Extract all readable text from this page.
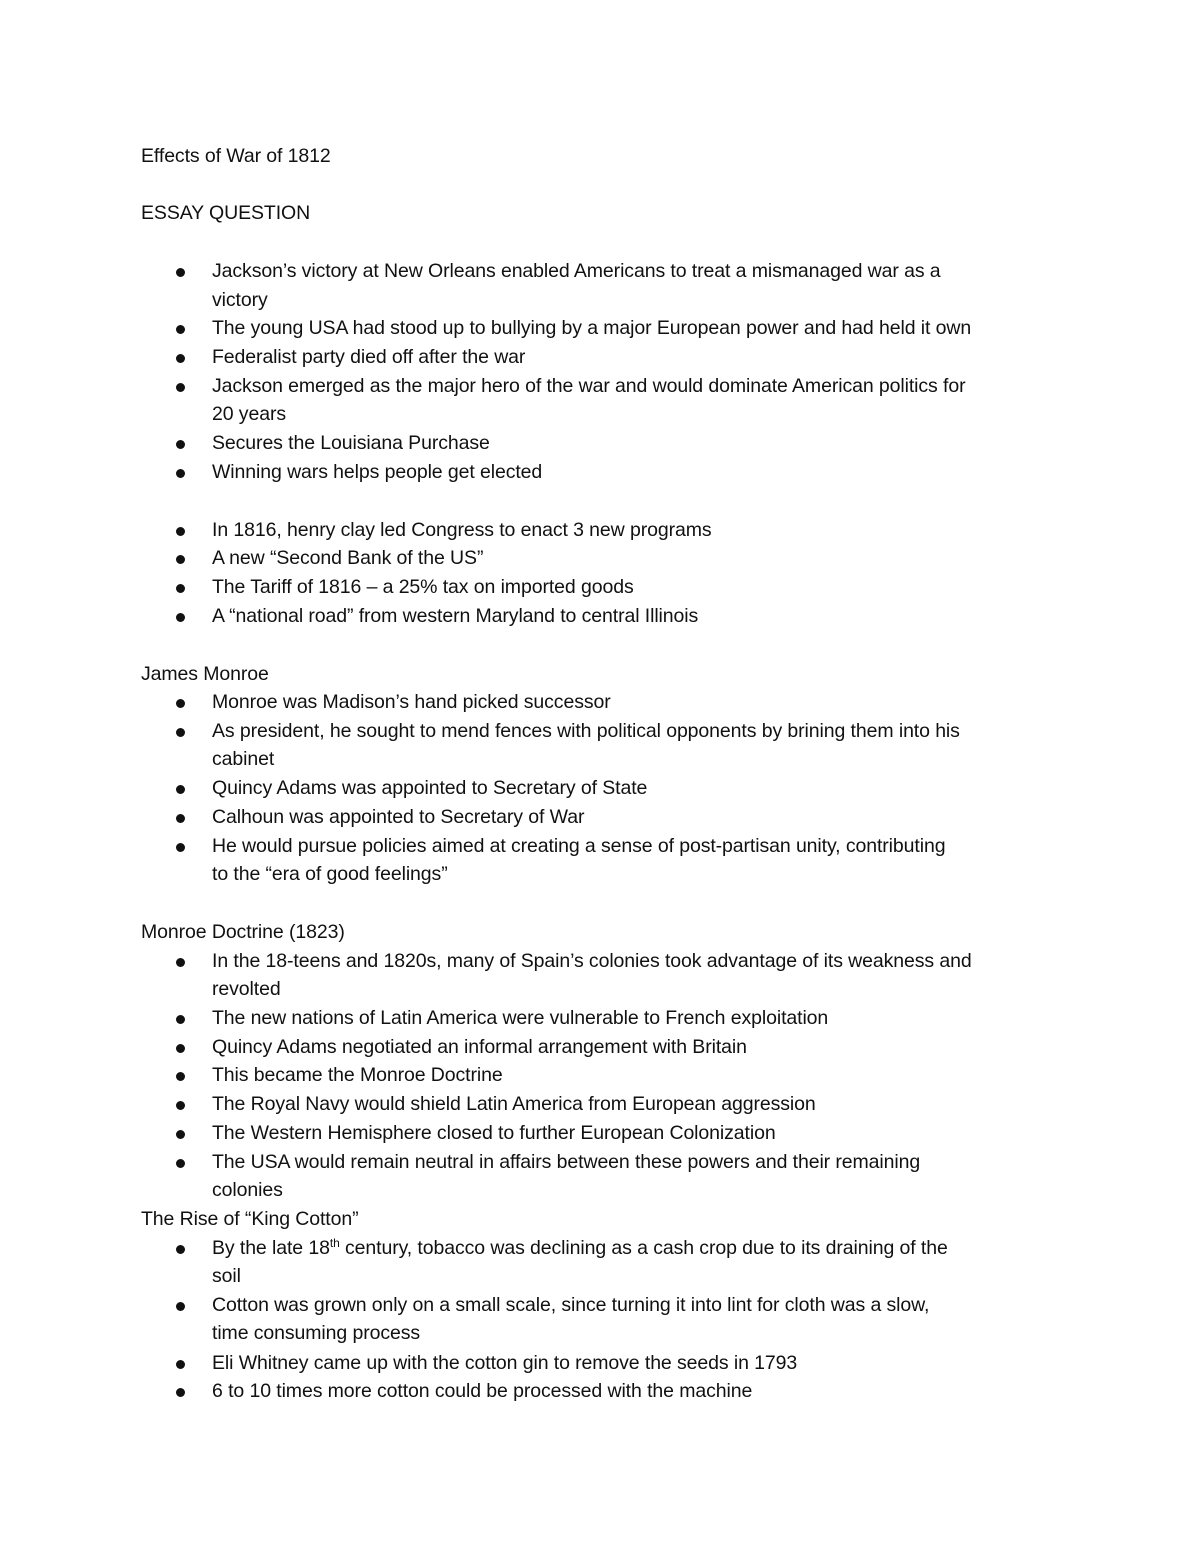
Effects of War of 1812

ESSAY QUESTION

Jackson’s victory at New Orleans enabled Americans to treat a mismanaged war as a

victory

The young USA had stood up to bullying by a major European power and had held it own

Federalist party died off after the war

Jackson emerged as the major hero of the war and would dominate American politics for

20 years

Secures the Louisiana Purchase

Winning wars helps people get elected

In 1816, henry clay led Congress to enact 3 new programs

A new “Second Bank of the US”

The Tariff of 1816 – a 25% tax on imported goods

A “national road” from western Maryland to central Illinois

James Monroe

Monroe was Madison’s hand picked successor

As president, he sought to mend fences with political opponents by brining them into his

cabinet

Quincy Adams was appointed to Secretary of State

Calhoun was appointed to Secretary of War

He would pursue policies aimed at creating a sense of post-partisan unity, contributing

to the “era of good feelings”

Monroe Doctrine (1823)

In the 18-teens and 1820s, many of Spain’s colonies took advantage of its weakness and

revolted

The new nations of Latin America were vulnerable to French exploitation

Quincy Adams negotiated an informal arrangement with Britain

This became the Monroe Doctrine

The Royal Navy would shield Latin America from European aggression

The Western Hemisphere closed to further European Colonization

The USA would remain neutral in affairs between these powers and their remaining

colonies

The Rise of “King Cotton”

By the late 18th century, tobacco was declining as a cash crop due to its draining of the

soil

Cotton was grown only on a small scale, since turning it into lint for cloth was a slow,

time consuming process

Eli Whitney came up with the cotton gin to remove the seeds in 1793

6 to 10 times more cotton could be processed with the machine
